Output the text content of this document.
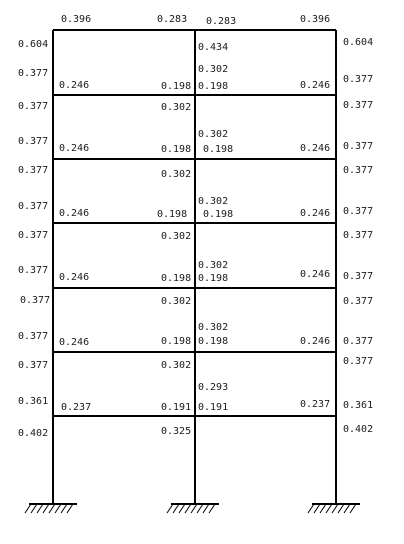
0.396	0.283 0.283	0.396
0.604
0.377
0.377
0.377
0.377
0.377
0.377
0.377
0.377
0.377
0.377
0.361
0.402
0.604
0.377
0.377
0.377
0.377
0.377
0.377
0.377
0.377
0.377
0.377
0.361
0.402
0.302
0.302
0.302
0.302
0.302
0.325
0.434
0.302
0.302
0.302
0.302
0.302
0.293
0.246	0.198 0.198	0.246
0.246	0.198 0.198	0.246
0.246	0.198 0.198	0.246
0.246	0.198 0.198	0.246
0.246	0.198 0.198	0.246
0.237	0.191 0.191	0.237
